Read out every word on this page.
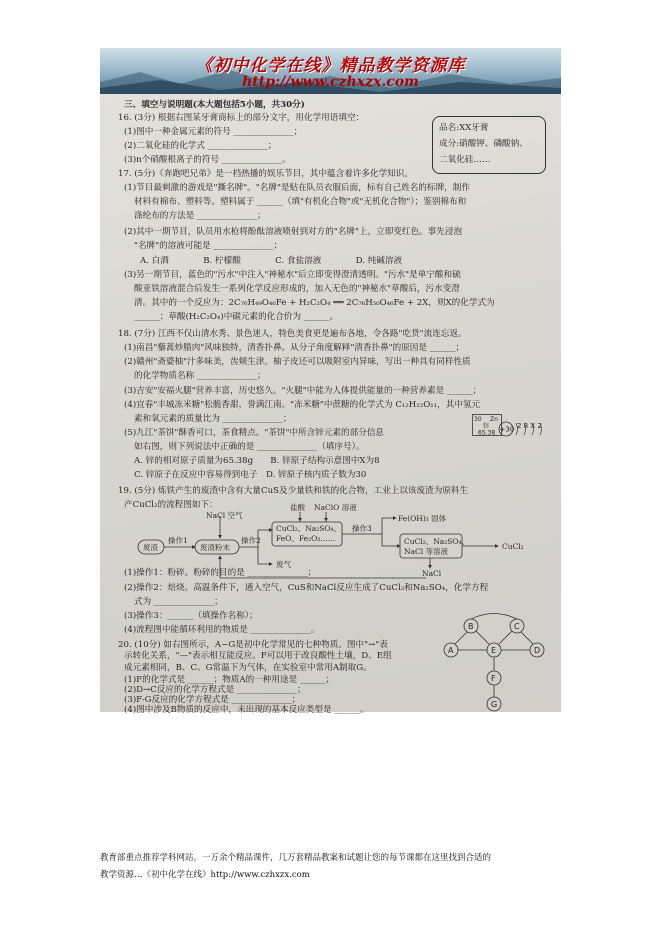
《初中化学在线》精品教学资源库
http://www.czhxzx.com
三、填空与说明题(本大题包括5小题，共30分)
品名:XX牙膏
成分:硝酸钾、磷酸钠、
二氧化硅……
16. (3分) 根据右图某牙膏商标上的部分文字，用化学用语填空：
(1)图中一种金属元素的符号 ______________；
(2)二氧化硅的化学式 ______________；
(3)n个硝酸根离子的符号 ______________。
17. (5分)《奔跑吧兄弟》是一档热播的娱乐节目，其中蕴含着许多化学知识。
(1)节目最刺激的游戏是"撕名牌"。"名牌"是贴在队员衣服后面，标有自己姓名的标牌，制作
材料有棉布、塑料等。塑料属于 ______（填"有机化合物"或"无机化合物"）；鉴别棉布和
涤纶布的方法是 ______________；
(2)其中一期节目，队员用水枪将酚酞溶液喷射到对方的"名牌"上，立即变红色。事先浸泡
"名牌"的溶液可能是 ______________；
A. 白酒　　　　B. 柠檬酸　　　　C. 食盐溶液　　　　D. 纯碱溶液
(3)另一期节目，蓝色的"污水"中注入"神秘水"后立即变得澄清透明。"污水"是单宁酸和硫
酸亚铁溶液混合后发生一系列化学反应形成的，加入无色的"神秘水"草酸后，污水变澄
清。其中的一个反应为：2C₇₆H₄₉O₄₆Fe + H₂C₂O₄ ══ 2C₇₆H₅₀O₄₆Fe + 2X，则X的化学式为
______；草酸(H₂C₂O₄)中碳元素的化合价为 ______。
18. (7分) 江西不仅山清水秀、景色迷人，特色美食更是遍布各地，令各路"吃货"流连忘返。
(1)南昌"藜蒿炒腊肉"风味独特，清香扑鼻。从分子角度解释"清香扑鼻"的原因是 ______；
(2)赣州"斋婆柚"汁多味美，齿颊生津。柚子皮还可以吸附室内异味，写出一种具有同样性质
的化学物质名称 ______________；
(3)吉安"安福火腿"营养丰富，历史悠久。"火腿"中能为人体提供能量的一种营养素是 ______；
(4)宜春"丰城冻米糖"松脆香甜，誉满江南。"冻米糖"中蔗糖的化学式为 C₁₂H₂₂O₁₁，其中氢元
素和氧元素的质量比为 ______________；
(5)九江"茶饼"酥香可口，茶食精点。"茶饼"中所含锌元素的部分信息
如右图，则下列说法中正确的是 ______________（填序号）。
A. 锌的相对原子质量为65.38g　　B. 锌原子结构示意图中X为8
C. 锌原子在反应中容易得到电子　D. 锌原子核内质子数为30
30 Zn
锌
65.38 +30 2 8 X 2
19. (5分) 炼铁产生的废渣中含有大量CuS及少量铁和铁的化合物，工业上以该废渣为原料生
产CuCl₂的流程图如下：
NaCl 空气
盐酸 NaClO 溶液
废渣
操作1
废渣粉末
操作2
CuCl₂、Na₂SO₄、
FeO、Fe₂O₃……
废气
操作3
Fe(OH)₃ 固体
CuCl₂、Na₂SO₄、
NaCl 等溶液
NaCl
CuCl₂
(1)操作1：粉碎。粉碎的目的是 ______________；
(2)操作2：焙烧。高温条件下，通入空气，CuS和NaCl反应生成了CuCl₂和Na₂SO₄，化学方程
式为 ______________；
(3)操作3：______（填操作名称）；
(4)流程图中能循环利用的物质是 ______________。
20. (10分) 如右图所示，A~G是初中化学常见的七种物质。图中"→"表
示转化关系，"—"表示相互能反应。F可以用于改良酸性土壤，D、E组
成元素相同，B、C、G常温下为气体，在实验室中常用A制取G。
(1)F的化学式是 ______；物质A的一种用途是 ______；
(2)D→C反应的化学方程式是 ______________；
(3)F-G反应的化学方程式是 ______________；
A
B	C
D
E
F
G
(4)图中涉及B物质的反应中，未出现的基本反应类型是 ______。
教育部重点推荐学科网站。一万余个精品课件，几万套精品教案和试题让您的每节课都在这里找到合适的
教学资源…《初中化学在线》http://www.czhxzx.com
